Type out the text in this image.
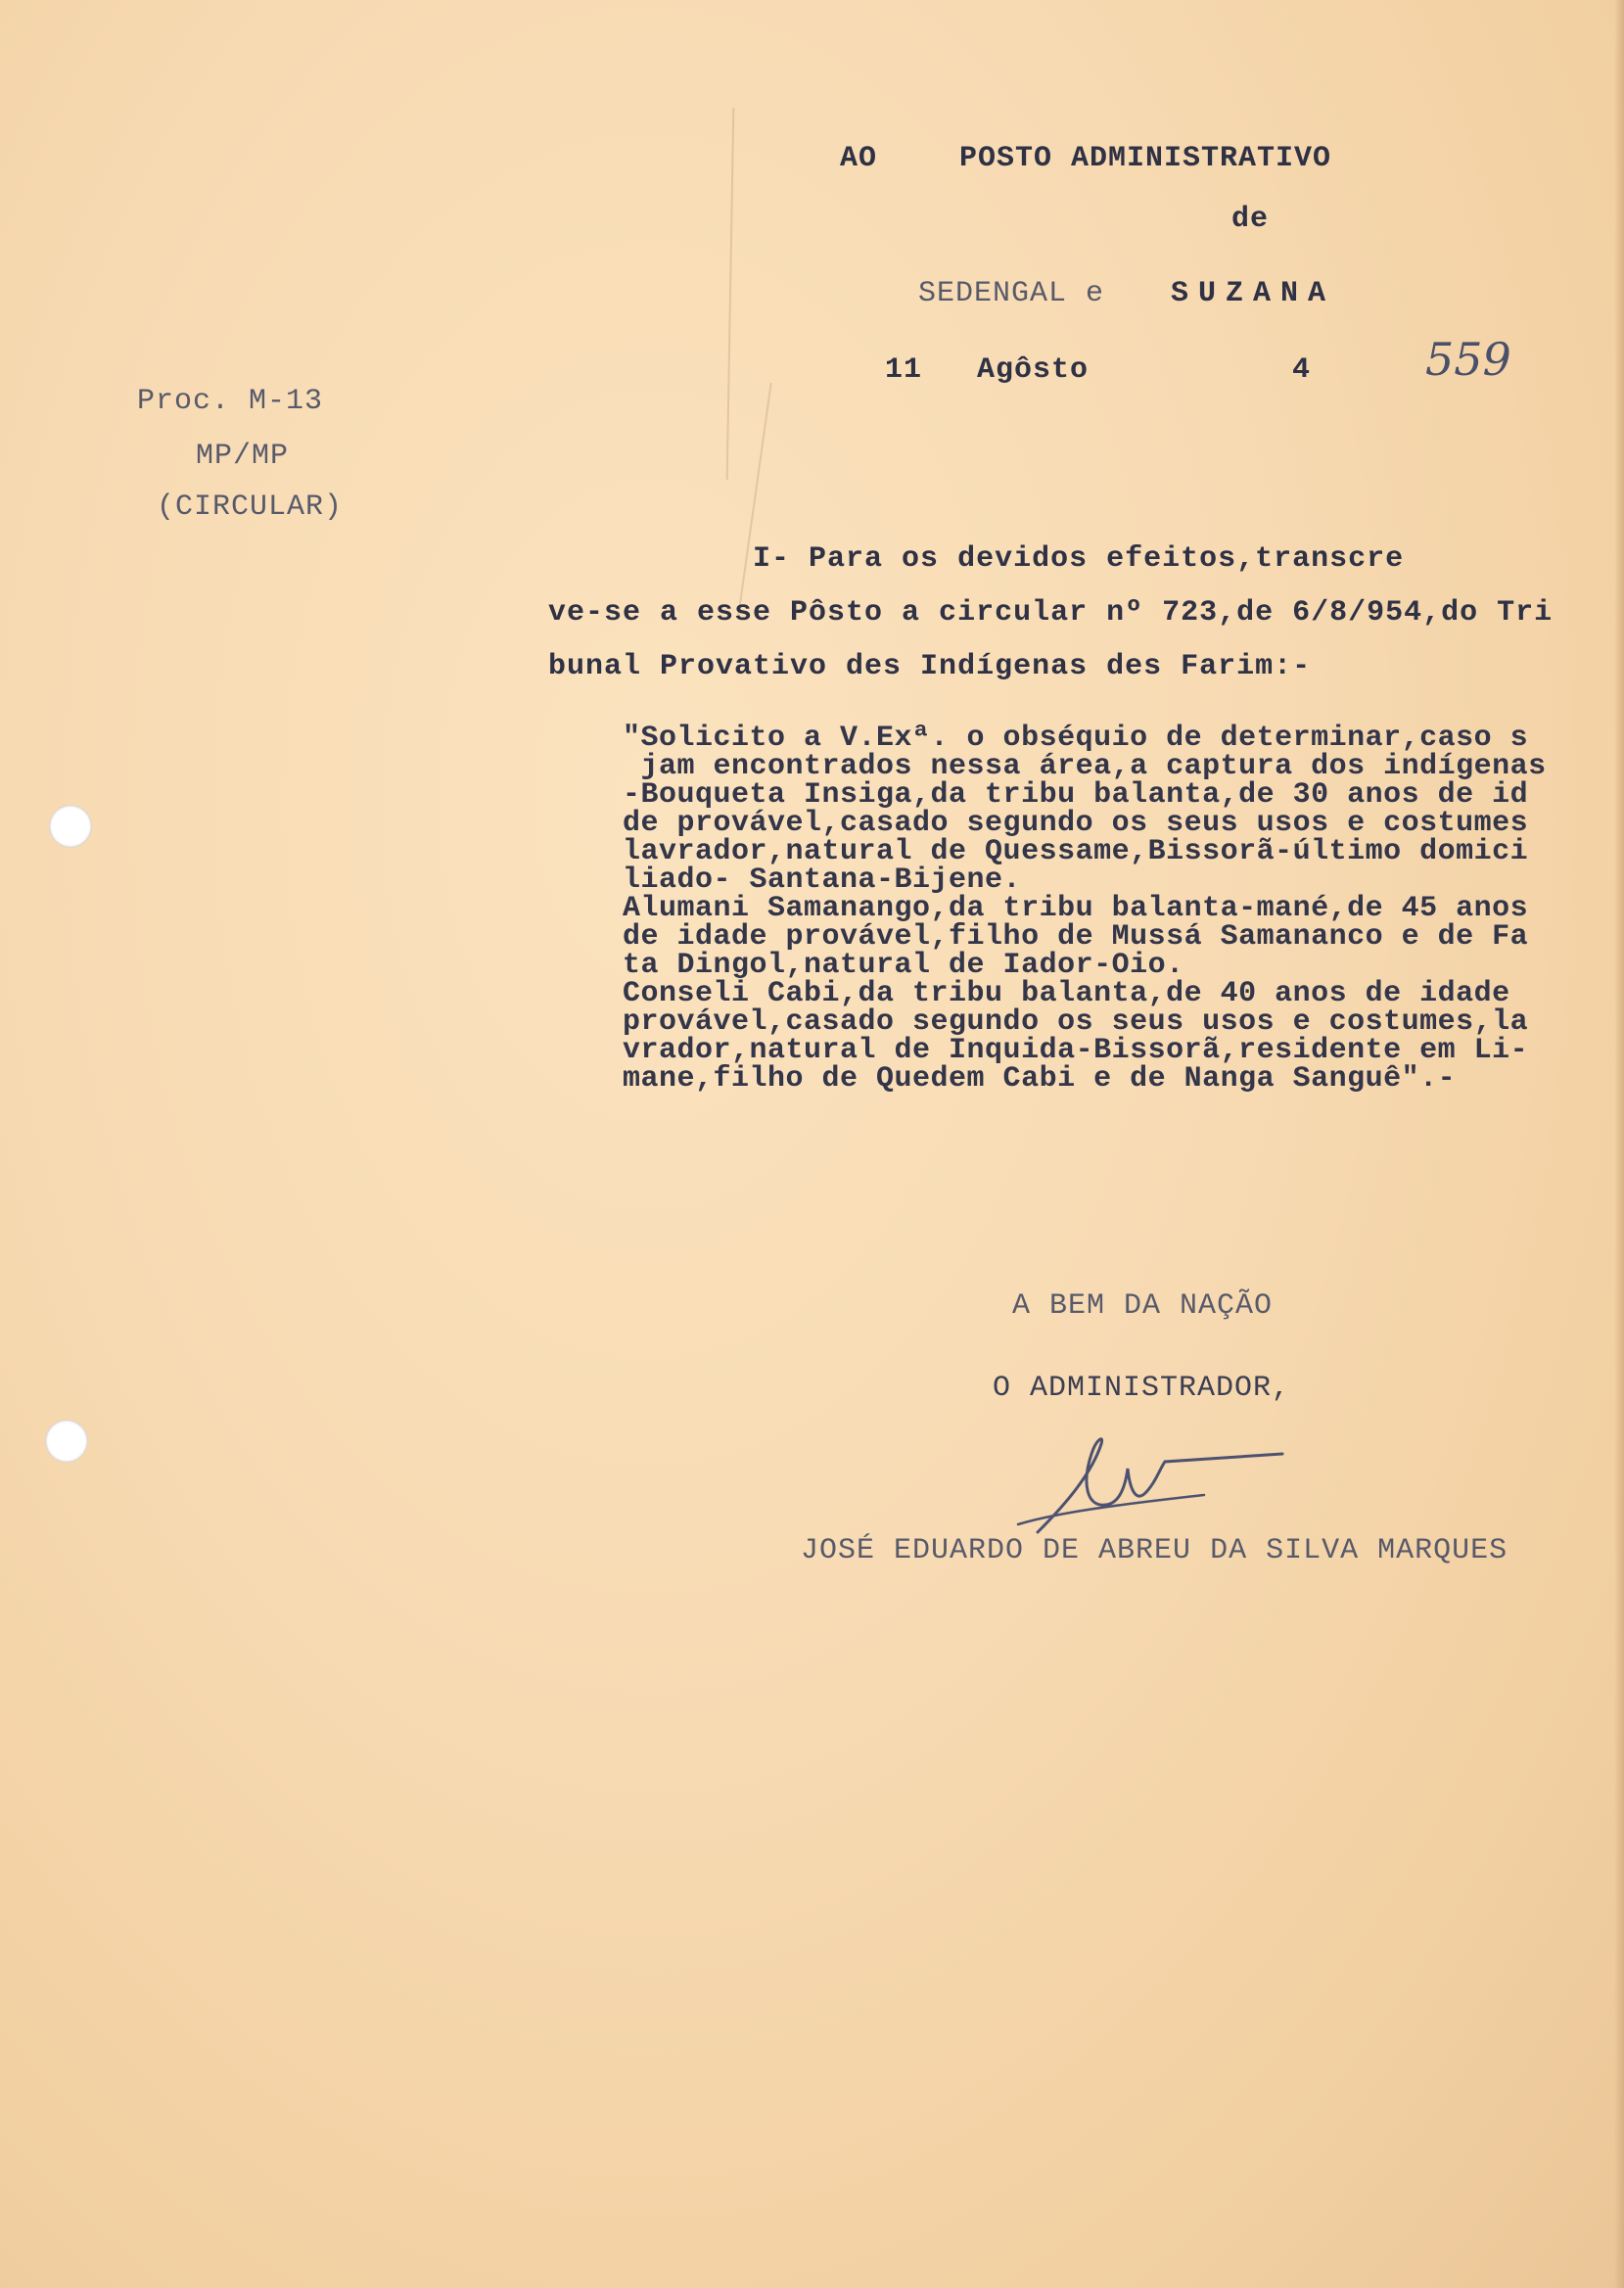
AO	POSTO ADMINISTRATIVO
de
SEDENGAL e SUZANA
11 Agôsto	4	559
Proc. M-13
MP/MP
(CIRCULAR)
I- Para os devidos efeitos,transcre
ve-se a esse Pôsto a circular nº 723,de 6/8/954,do Tri
bunal Provativo des Indígenas des Farim:-
"Solicito a V.Exª. o obséquio de determinar,caso s
jam encontrados nessa área,a captura dos indígenas
-Bouqueta Insiga,da tribu balanta,de 30 anos de id
de provável,casado segundo os seus usos e costumes
lavrador,natural de Quessame,Bissorã-último domici
liado- Santana-Bijene.
Alumani Samanango,da tribu balanta-mané,de 45 anos
de idade provável,filho de Mussá Samananco e de Fa
ta Dingol,natural de Iador-Oio.
Conseli Cabi,da tribu balanta,de 40 anos de idade
provável,casado segundo os seus usos e costumes,la
vrador,natural de Inquida-Bissorã,residente em Li-
mane,filho de Quedem Cabi e de Nanga Sanguê".-
A BEM DA NAÇÃO
O ADMINISTRADOR,
JOSÉ EDUARDO DE ABREU DA SILVA MARQUES
